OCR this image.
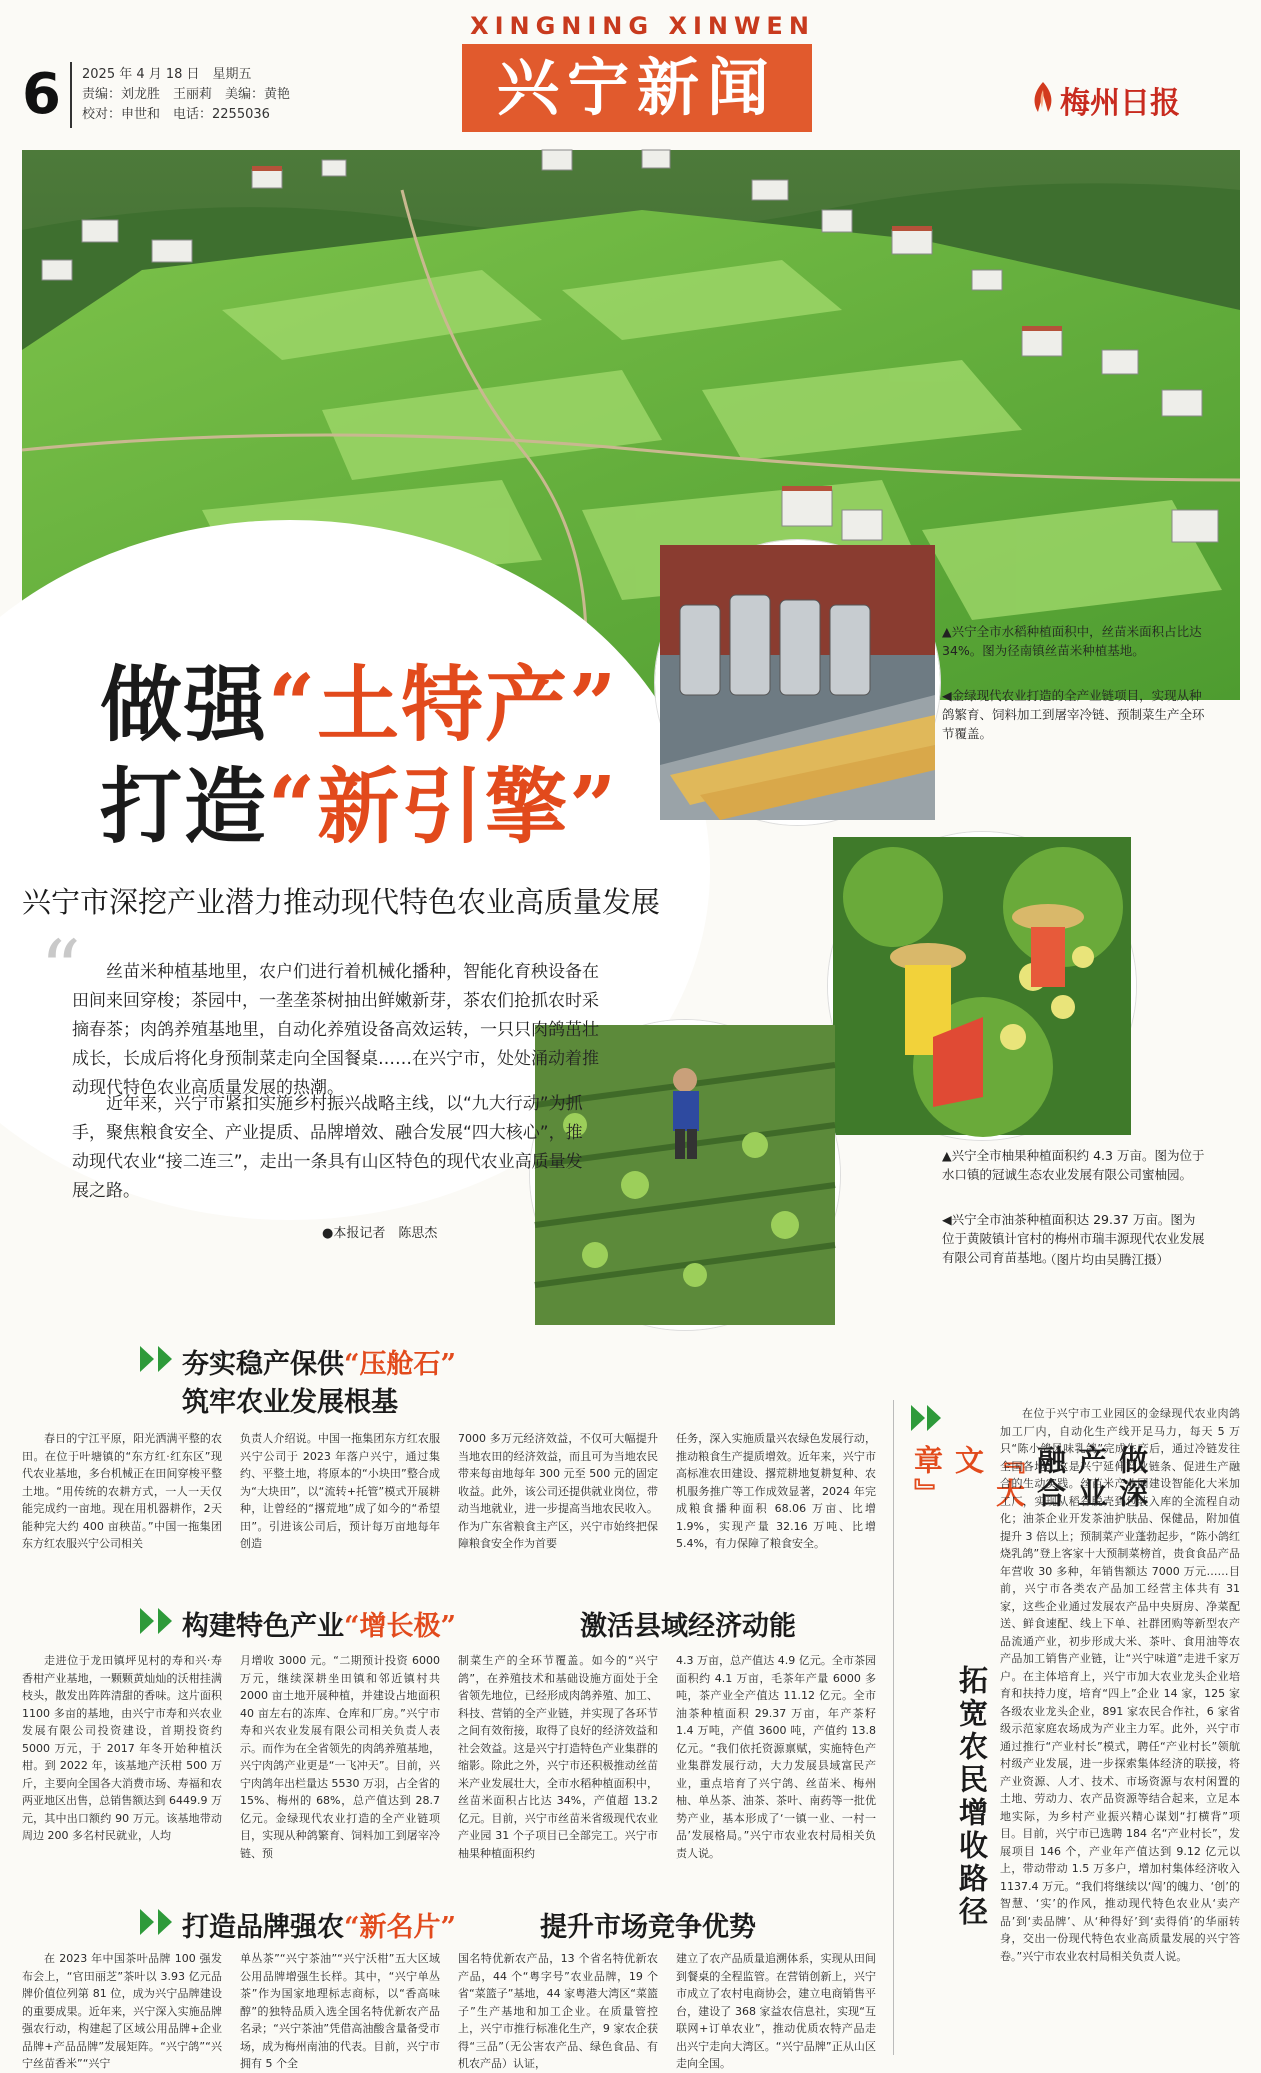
6 2025 年 4 月 18 日　星期五
责编：刘龙胜　王丽莉　美编：黄艳
校对：申世和　电话：2255036
XINGNING XINWEN
兴宁新闻	梅州日报
▲兴宁全市水稻种植面积中，丝苗米面积占比达 34%。图为径南镇丝苗米种植基地。
◀金绿现代农业打造的全产业链项目，实现从种鸽繁育、饲料加工到屠宰冷链、预制菜生产全环节覆盖。
▲兴宁全市柚果种植面积约 4.3 万亩。图为位于水口镇的冠诚生态农业发展有限公司蜜柚园。
◀兴宁全市油茶种植面积达 29.37 万亩。图为位于黄陂镇计官村的梅州市瑞丰源现代农业发展有限公司育苗基地。
（图片均由吴腾江摄）
做强“土特产”
打造“新引擎”
兴宁市深挖产业潜力推动现代特色农业高质量发展
“	丝苗米种植基地里，农户们进行着机械化播种，智能化育秧设备在田间来回穿梭；茶园中，一垄垄茶树抽出鲜嫩新芽，茶农们抢抓农时采摘春茶；肉鸽养殖基地里，自动化养殖设备高效运转，一只只肉鸽茁壮成长，长成后将化身预制菜走向全国餐桌……在兴宁市，处处涌动着推动现代特色农业高质量发展的热潮。
近年来，兴宁市紧扣实施乡村振兴战略主线，以“九大行动”为抓手，聚焦粮食安全、产业提质、品牌增效、融合发展“四大核心”，推动现代农业“接二连三”，走出一条具有山区特色的现代农业高质量发展之路。
●本报记者　陈思杰
夯实稳产保供“压舱石”
筑牢农业发展根基
春日的宁江平原，阳光洒满平整的农田。在位于叶塘镇的“东方红·红东区”现代农业基地，多台机械正在田间穿梭平整土地。“用传统的农耕方式，一人一天仅能完成约一亩地。现在用机器耕作，2天能种完大约 400 亩秧苗。”中国一拖集团东方红农服兴宁公司相关
负责人介绍说。中国一拖集团东方红农服兴宁公司于 2023 年落户兴宁，通过集约、平整土地，将原本的“小块田”整合成为“大块田”，以“流转+托管”模式开展耕种，让曾经的“撂荒地”成了如今的“希望田”。引进该公司后，预计每万亩地每年创造
7000 多万元经济效益，不仅可大幅提升当地农田的经济效益，而且可为当地农民带来每亩地每年 300 元至 500 元的固定收益。此外，该公司还提供就业岗位，带动当地就业，进一步提高当地农民收入。作为广东省粮食主产区，兴宁市始终把保障粮食安全作为首要
任务，深入实施质量兴农绿色发展行动，推动粮食生产提质增效。近年来，兴宁市高标准农田建设、撂荒耕地复耕复种、农机服务推广等工作成效显著，2024 年完成粮食播种面积 68.06 万亩、比增 1.9%，实现产量 32.16 万吨、比增 5.4%，有力保障了粮食安全。
构建特色产业“增长极”	激活县域经济动能
走进位于龙田镇坪见村的寿和兴·寿香柑产业基地，一颗颗黄灿灿的沃柑挂满枝头，散发出阵阵清甜的香味。这片面积 1100 多亩的基地，由兴宁市寿和兴农业发展有限公司投资建设，首期投资约 5000 万元，于 2017 年冬开始种植沃柑。到 2022 年，该基地产沃柑 500 万斤，主要向全国各大消费市场、寿福和农两亚地区出售，总销售额达到 6449.9 万元，其中出口额约 90 万元。该基地带动周边 200 多名村民就业，人均
月增收 3000 元。“二期预计投资 6000 万元，继续深耕坐田镇和邻近镇村共 2000 亩土地开展种植，并建设占地面积 40 亩左右的冻库、仓库和厂房。”兴宁市寿和兴农业发展有限公司相关负责人表示。而作为在全省领先的肉鸽养殖基地，兴宁肉鸽产业更是“一飞冲天”。目前，兴宁肉鸽年出栏量达 5530 万羽，占全省的 15%、梅州的 68%，总产值达到 28.7 亿元。金绿现代农业打造的全产业链项目，实现从种鸽繁育、饲料加工到屠宰冷链、预
制菜生产的全环节覆盖。如今的“兴宁鸽”，在养殖技术和基础设施方面处于全省领先地位，已经形成肉鸽养殖、加工、科技、营销的全产业链，并实现了各环节之间有效衔接，取得了良好的经济效益和社会效益。这是兴宁打造特色产业集群的缩影。除此之外，兴宁市还积极推动丝苗米产业发展壮大，全市水稻种植面积中，丝苗米面积占比达 34%，产值超 13.2 亿元。目前，兴宁市丝苗米省级现代农业产业园 31 个子项目已全部完工。兴宁市柚果种植面积约
4.3 万亩，总产值达 4.9 亿元。全市茶园面积约 4.1 万亩，毛茶年产量 6000 多吨，茶产业全产值达 11.12 亿元。全市油茶种植面积 29.37 万亩，年产茶籽 1.4 万吨，产值 3600 吨，产值约 13.8 亿元。“我们依托资源禀赋，实施特色产业集群发展行动，大力发展县域富民产业，重点培育了兴宁鸽、丝苗米、梅州柚、单丛茶、油茶、茶叶、南药等一批优势产业，基本形成了‘一镇一业、一村一品’发展格局。”兴宁市农业农村局相关负责人说。
打造品牌强农“新名片”	提升市场竞争优势
在 2023 年中国茶叶品牌 100 强发布会上，“官田丽芝”茶叶以 3.93 亿元品牌价值位列第 81 位，成为兴宁品牌建设的重要成果。近年来，兴宁深入实施品牌强农行动，构建起了区域公用品牌+企业品牌+产品品牌”发展矩阵。“兴宁鸽”“兴宁丝苗香米”“兴宁
单丛茶”“兴宁茶油”“兴宁沃柑”五大区域公用品牌增强生长样。其中，“兴宁单丛茶”作为国家地理标志商标，以“香高味醇”的独特品质入选全国名特优新农产品名录；“兴宁茶油”凭借高油酸含量备受市场，成为梅州南油的代表。目前，兴宁市拥有 5 个全
国名特优新农产品，13 个省名特优新农产品，44 个“粤字号”农业品牌，19 个省“菜篮子”基地，44 家粤港大湾区“菜篮子”生产基地和加工企业。在质量管控上，兴宁市推行标准化生产，9 家农企获得“三品”（无公害农产品、绿色食品、有机农产品）认证，
建立了农产品质量追溯体系，实现从田间到餐桌的全程监管。在营销创新上，兴宁市成立了农村电商协会，建立电商销售平台，建设了 368 家益农信息社，实现“互联网+订单农业”，推动优质农特产品走出兴宁走向大湾区。“兴宁品牌”正从山区走向全国。
做深产业融合『大文章』
拓宽农民增收路径
在位于兴宁市工业园区的金绿现代农业肉鸽加工厂内，自动化生产线开足马力，每天 5 万只“陈小鸽风味乳鸽”完成生产后，通过冷链发往全国各地。这是兴宁延伸产业链条、促进生产融合的生动实践。丝苗米产业园建设智能化大米加工厂，实现从稻谷脱壳到包装入库的全流程自动化；油茶企业开发茶油护肤品、保健品，附加值提升 3 倍以上；预制菜产业蓬勃起步，“陈小鸽红烧乳鸽”登上客家十大预制菜榜首，贵食食品产品年营收 30 多种，年销售额达 7000 万元……目前，兴宁市各类农产品加工经营主体共有 31 家，这些企业通过发展农产品中央厨房、净菜配送、鲜食速配、线上下单、社群团购等新型农产品流通产业，初步形成大米、茶叶、食用油等农产品加工销售产业链，让“兴宁味道”走进千家万户。在主体培育上，兴宁市加大农业龙头企业培育和扶持力度，培育“四上”企业 14 家，125 家各级农业龙头企业，891 家农民合作社，6 家省级示范家庭农场成为产业主力军。此外，兴宁市通过推行“产业村长”模式，聘任“产业村长”领航村级产业发展，进一步探索集体经济的联接，将产业资源、人才、技术、市场资源与农村闲置的土地、劳动力、农产品资源等结合起来，立足本地实际，为乡村产业振兴精心谋划“打横背”项目。目前，兴宁市已选聘 184 名“产业村长”，发展项目 146 个，产业年产值达到 9.12 亿元以上，带动带动 1.5 万多户，增加村集体经济收入 1137.4 万元。“我们将继续以‘闯’的魄力、‘创’的智慧、‘实’的作风，推动现代特色农业从‘卖产品’到‘卖品牌’、从‘种得好’到‘卖得俏’的华丽转身，交出一份现代特色农业高质量发展的兴宁答卷。”兴宁市农业农村局相关负责人说。
